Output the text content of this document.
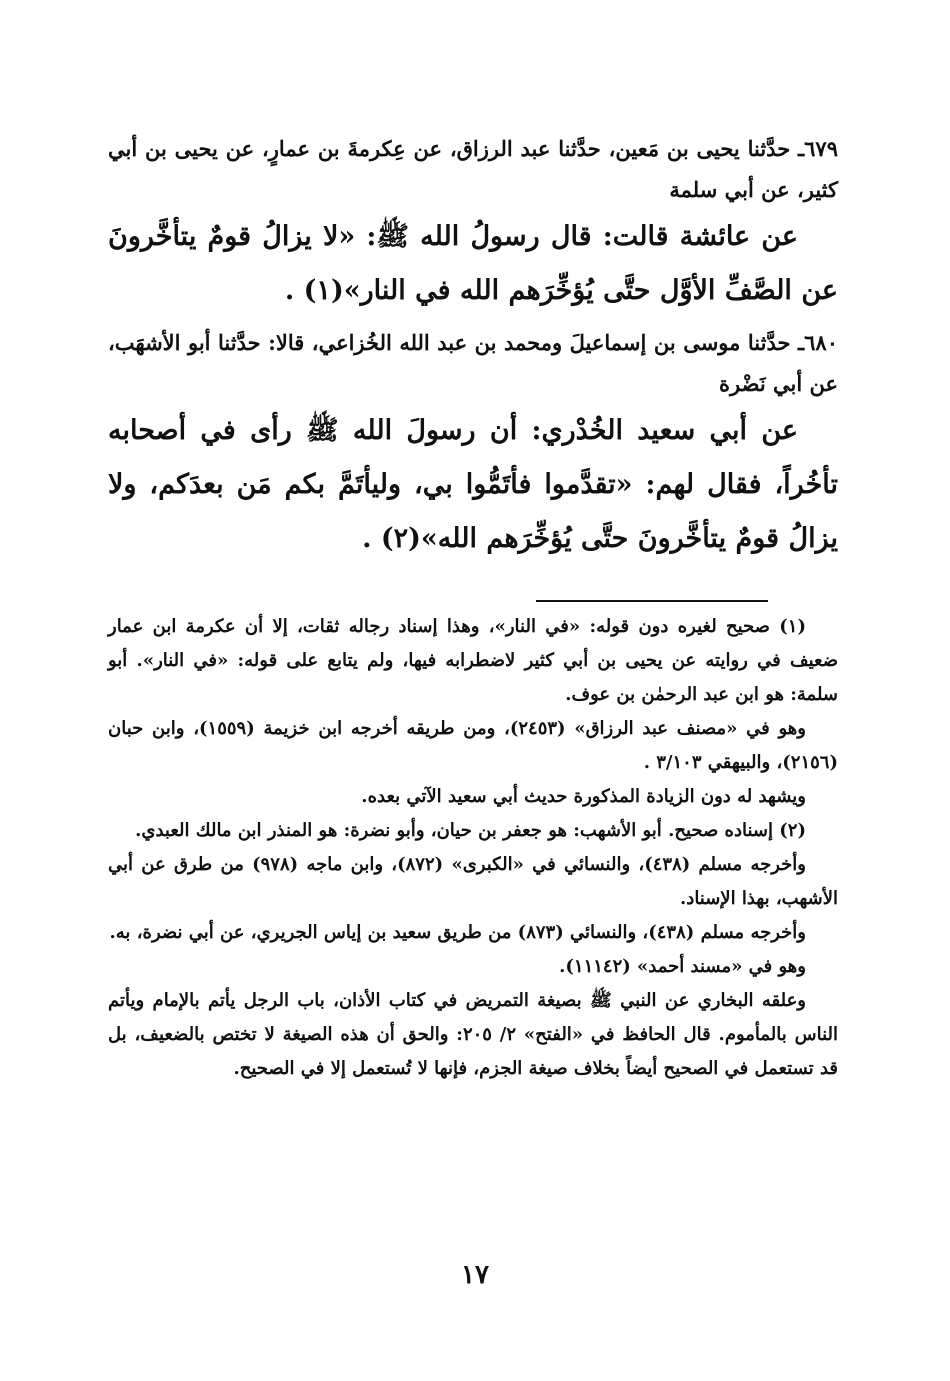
٦٧٩ـ حدَّثنا يحيى بن مَعين، حدَّثنا عبد الرزاق، عن عِكرمةَ بن عمارٍ، عن يحيى بن أبي كثير، عن أبي سلمة

عن عائشة قالت: قال رسولُ الله ﷺ: «لا يزالُ قومٌ يتأخَّرونَ عن الصَّفِّ الأوَّل حتَّى يُؤخِّرَهم الله في النار»(١) .

٦٨٠ـ حدَّثنا موسى بن إسماعيلَ ومحمد بن عبد الله الخُزاعي، قالا: حدَّثنا أبو الأشهَب، عن أبي نَضْرة

عن أبي سعيد الخُدْري: أن رسولَ الله ﷺ رأى في أصحابه تأخُراً، فقال لهم: «تقدَّموا فأتَمُّوا بي، وليأتَمَّ بكم مَن بعدَكم، ولا يزالُ قومٌ يتأخَّرونَ حتَّى يُؤخِّرَهم الله»(٢) .

(١) صحيح لغيره دون قوله: «في النار»، وهذا إسناد رجاله ثقات، إلا أن عكرمة ابن عمار ضعيف في روايته عن يحيى بن أبي كثير لاضطرابه فيها، ولم يتابع على قوله: «في النار». أبو سلمة: هو ابن عبد الرحمٰن بن عوف.

وهو في «مصنف عبد الرزاق» (٢٤٥٣)، ومن طريقه أخرجه ابن خزيمة (١٥٥٩)، وابن حبان (٢١٥٦)، والبيهقي ٣/١٠٣ .

ويشهد له دون الزيادة المذكورة حديث أبي سعيد الآتي بعده.

(٢) إسناده صحيح. أبو الأشهب: هو جعفر بن حيان، وأبو نضرة: هو المنذر ابن مالك العبدي.

وأخرجه مسلم (٤٣٨)، والنسائي في «الكبرى» (٨٧٢)، وابن ماجه (٩٧٨) من طرق عن أبي الأشهب، بهذا الإسناد.

وأخرجه مسلم (٤٣٨)، والنسائي (٨٧٣) من طريق سعيد بن إياس الجريري، عن أبي نضرة، به.

وهو في «مسند أحمد» (١١١٤٢).

وعلقه البخاري عن النبي ﷺ بصيغة التمريض في كتاب الأذان، باب الرجل يأتم بالإمام ويأتم الناس بالمأموم. قال الحافظ في «الفتح» ٢/ ٢٠٥: والحق أن هذه الصيغة لا تختص بالضعيف، بل قد تستعمل في الصحيح أيضاً بخلاف صيغة الجزم، فإنها لا تُستعمل إلا في الصحيح.

١٧
